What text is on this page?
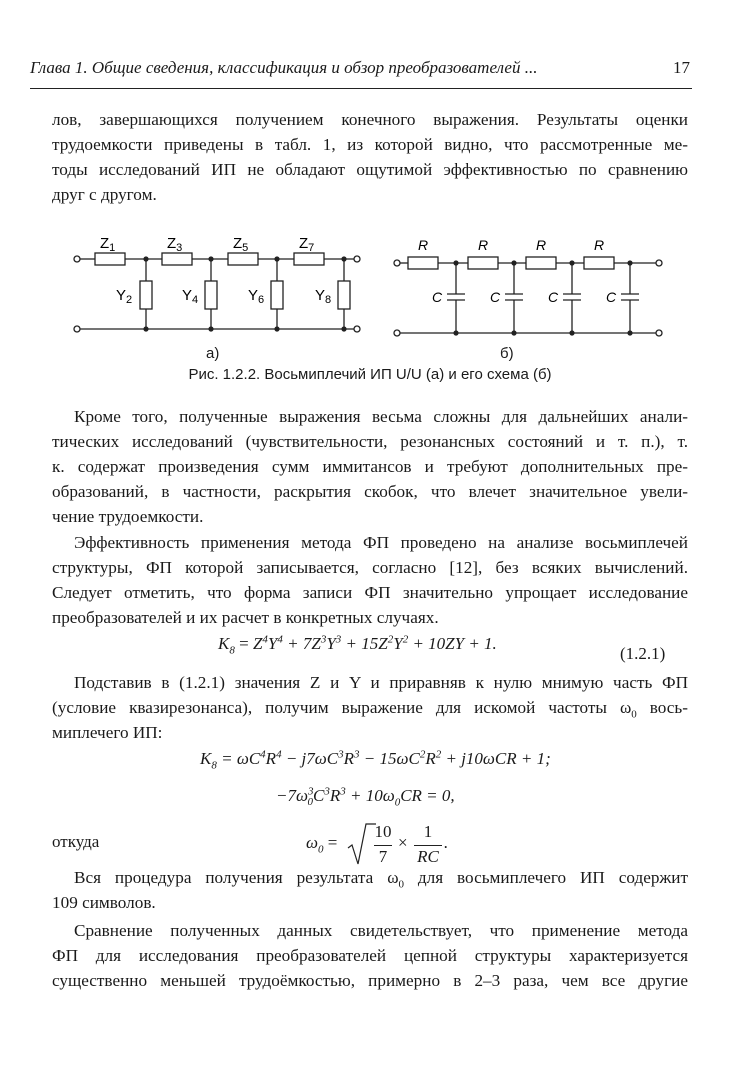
Глава 1. Общие сведения, классификация и обзор преобразователей ...	17
лов, завершающихся получением конечного выражения. Результаты оценки
трудоемкости приведены в табл. 1, из которой видно, что рассмотренные ме-
тоды исследований ИП не обладают ощутимой эффективностью по сравнению
друг с другом.
$Z_1$	$Z_3$	$Z_5$	$Z_7$
$Y_2$	$Y_4$	$Y_6$	$Y_8$
R	R	R	R
C	C	C	C
а)	б)
Рис. 1.2.2. Восьмиплечий ИП U/U (а) и его схема (б)
Кроме того, полученные выражения весьма сложны для дальнейших анали-
тических исследований (чувствительности, резонансных состояний и т. п.), т.
к. содержат произведения сумм иммитансов и требуют дополнительных пре-
образований, в частности, раскрытия скобок, что влечет значительное увели-
чение трудоемкости.
Эффективность применения метода ФП проведено на анализе восьмиплечей
структуры, ФП которой записывается, согласно [12], без всяких вычислений.
Следует отметить, что форма записи ФП значительно упрощает исследование
преобразователей и их расчет в конкретных случаях.
$K_8 = Z^4Y^4 + 7Z^3Y^3 + 15Z^2Y^2 + 10ZY + 1$.
(1.2.1)
Подставив в (1.2.1) значения Z и Y и приравняв к нулю мнимую часть ФП
(условие квазирезонанса), получим выражение для искомой частоты $\omega_0$ вось-
миплечего ИП:
$K_8 = \omega C^4R^4 - j7\omega C^3R^3 - 15\omega C^2R^2 + j10\omega CR + 1$;
$-7\omega^3_0C^3R^3 + 10\omega_0CR = 0$,
откуда	$\omega_0$ =
10
7
×
1
RC
.
Вся процедура получения результата $\omega_0$ для восьмиплечего ИП содержит
109 символов.
Сравнение полученных данных свидетельствует, что применение метода
ФП для исследования преобразователей цепной структуры характеризуется
существенно меньшей трудоёмкостью, примерно в 2–3 раза, чем все другие
